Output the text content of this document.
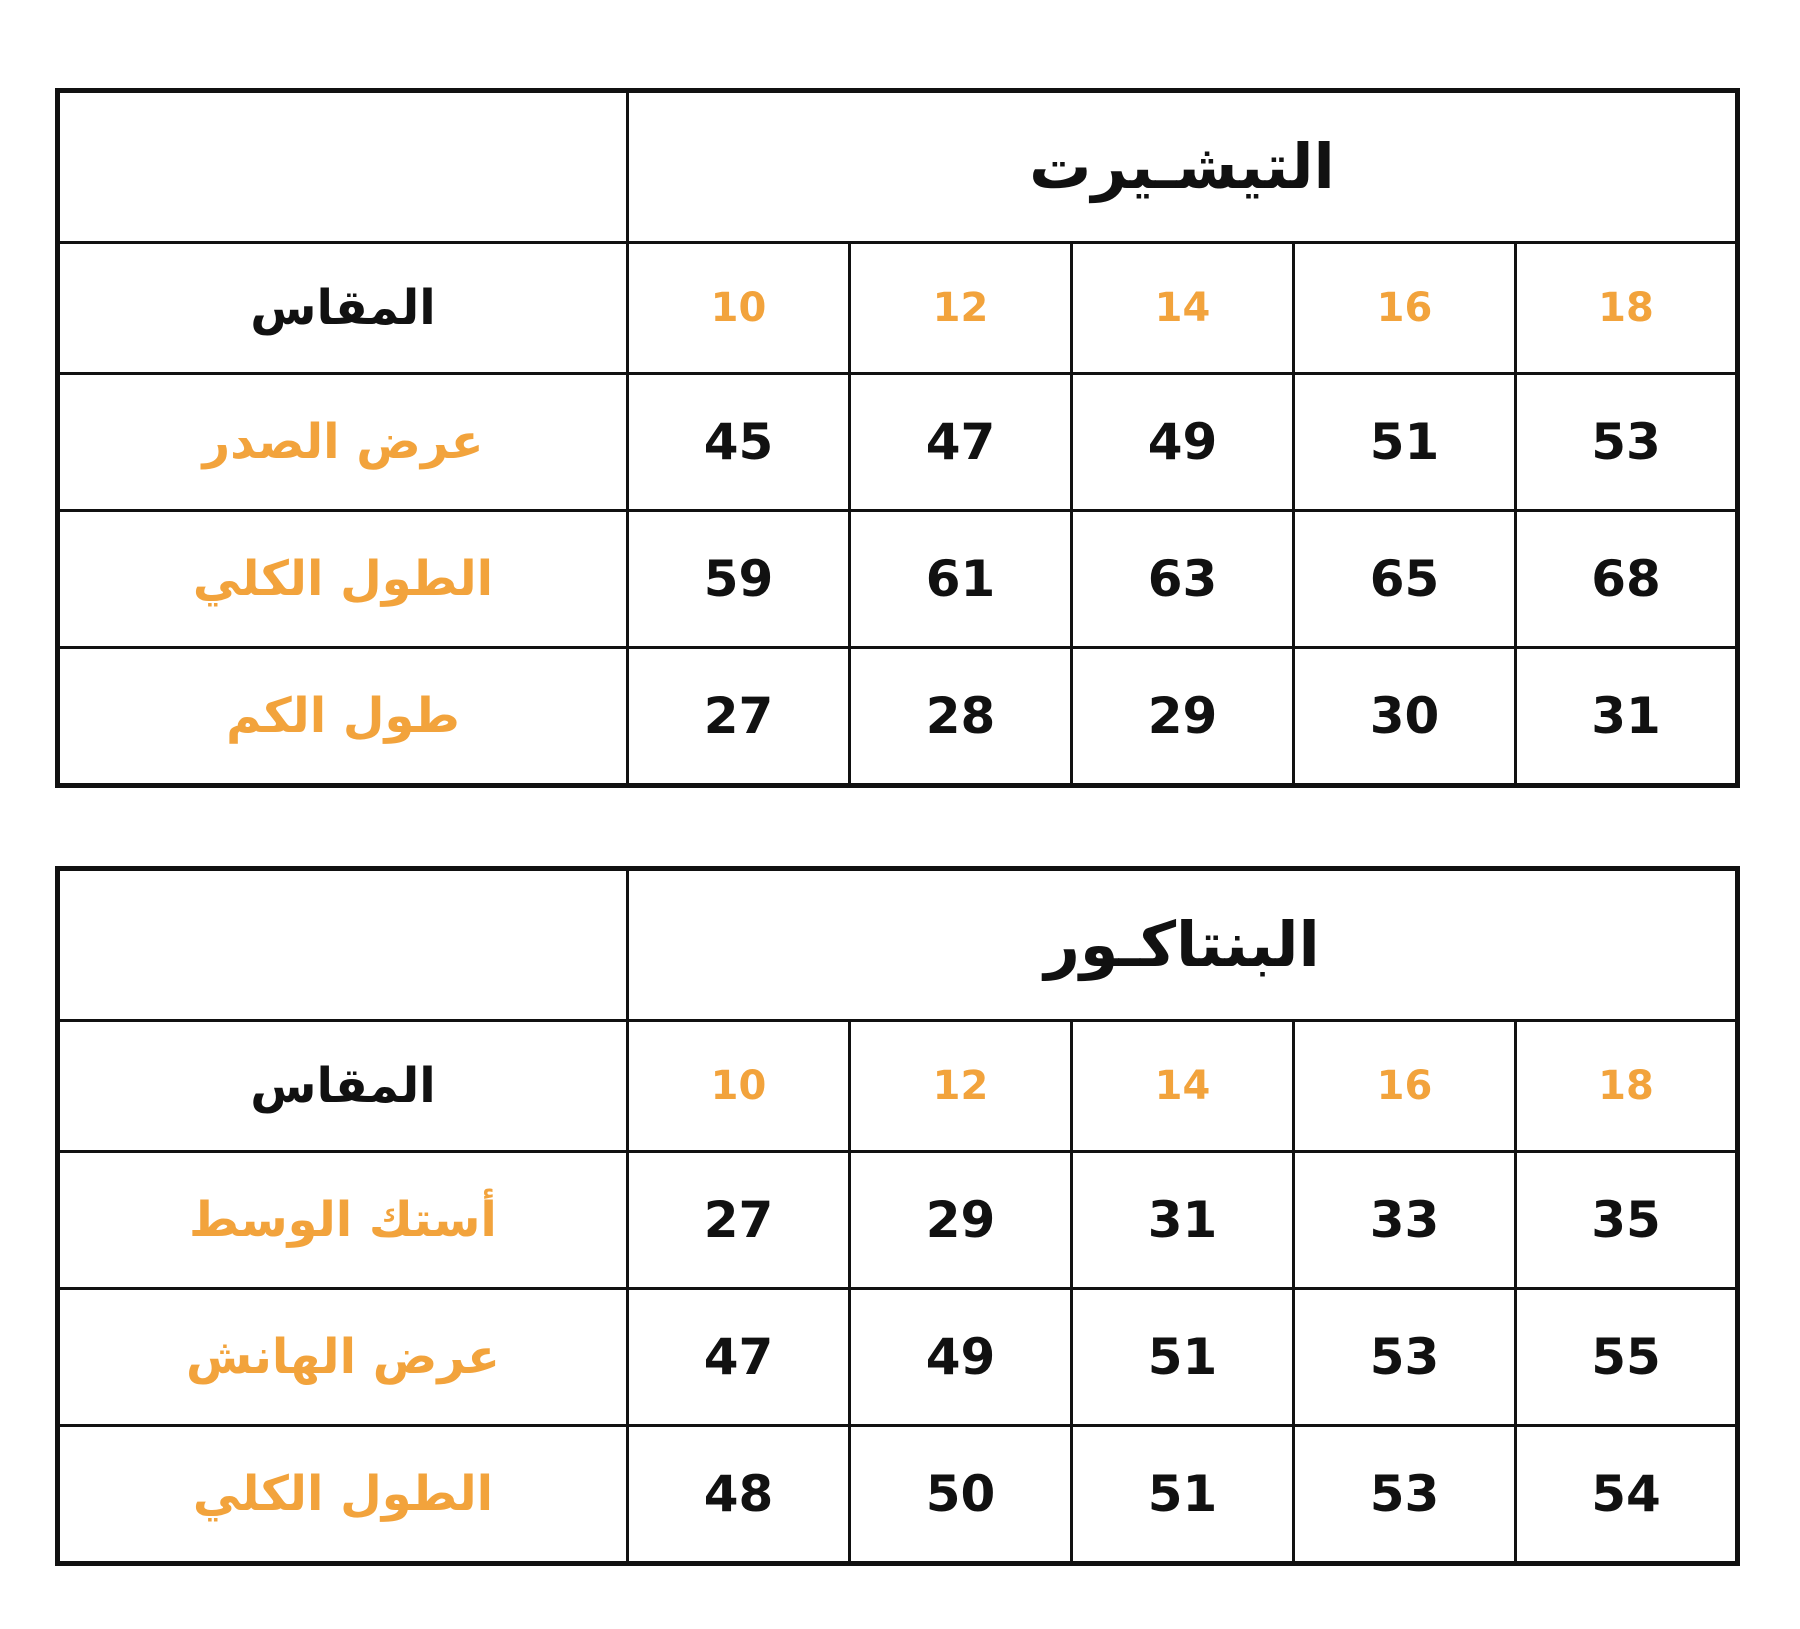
التيشـيرت					

18	16	14	12	10	المقاس

53	51	49	47	45	عرض الصدر

68	65	63	61	59	الطول الكلي

31	30	29	28	27	طول الكم
البنتاكـور					

18	16	14	12	10	المقاس

35	33	31	29	27	أستك الوسط

55	53	51	49	47	عرض الهانش

54	53	51	50	48	الطول الكلي
